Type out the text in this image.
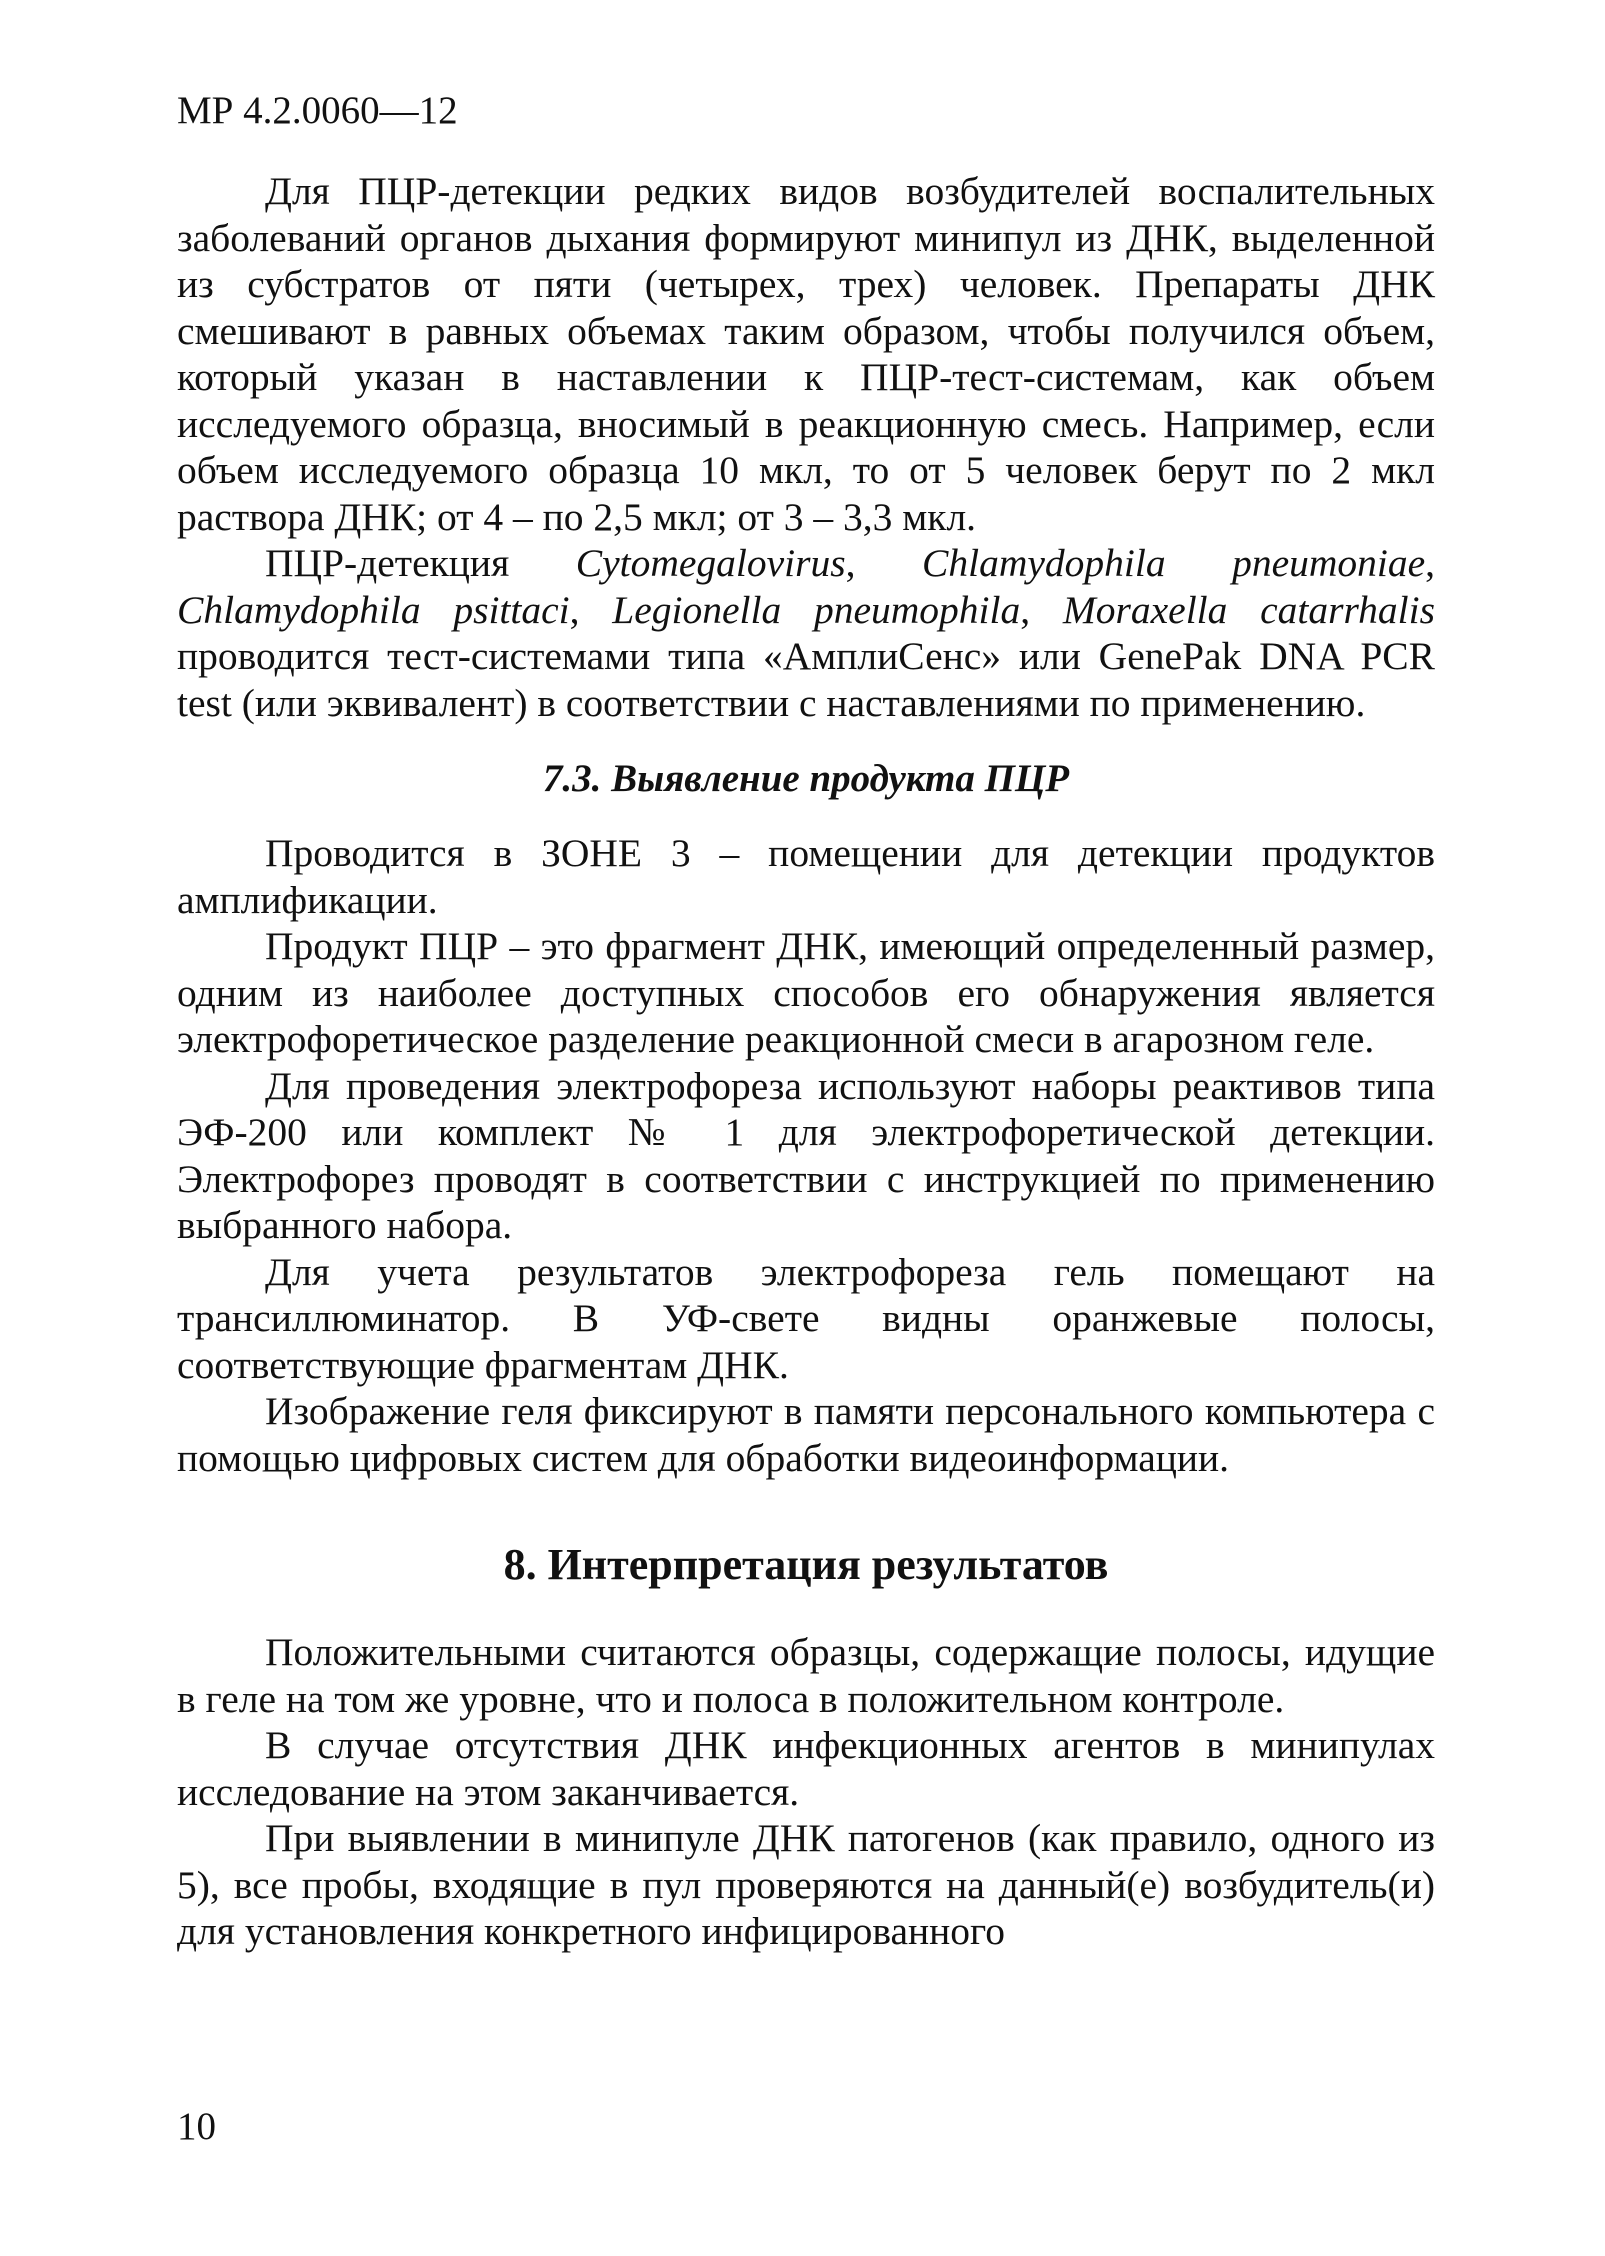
МР 4.2.0060—12

Для ПЦР-детекции редких видов возбудителей воспалительных заболеваний органов дыхания формируют минипул из ДНК, выделенной из субстратов от пяти (четырех, трех) человек. Препараты ДНК смешивают в равных объемах таким образом, чтобы получился объем, который указан в наставлении к ПЦР-тест-системам, как объем исследуемого образца, вносимый в реакционную смесь. Например, если объем исследуемого образца 10 мкл, то от 5 человек берут по 2 мкл раствора ДНК; от 4 – по 2,5 мкл; от 3 – 3,3 мкл.

ПЦР-детекция Cytomegalovirus, Chlamydophila pneumoniae, Chlamydophila psittaci, Legionella pneumophila, Moraxella catarrhalis проводится тест-системами типа «АмплиСенс» или GenePak DNA PCR test (или эквивалент) в соответствии с наставлениями по применению.

7.3. Выявление продукта ПЦР

Проводится в ЗОНЕ 3 – помещении для детекции продуктов амплификации.

Продукт ПЦР – это фрагмент ДНК, имеющий определенный размер, одним из наиболее доступных способов его обнаружения является электрофоретическое разделение реакционной смеси в агарозном геле.

Для проведения электрофореза используют наборы реактивов типа ЭФ-200 или комплект № 1 для электрофоретической детекции. Электрофорез проводят в соответствии с инструкцией по применению выбранного набора.

Для учета результатов электрофореза гель помещают на трансиллюминатор. В УФ-свете видны оранжевые полосы, соответствующие фрагментам ДНК.

Изображение геля фиксируют в памяти персонального компьютера с помощью цифровых систем для обработки видеоинформации.

8. Интерпретация результатов

Положительными считаются образцы, содержащие полосы, идущие в геле на том же уровне, что и полоса в положительном контроле.

В случае отсутствия ДНК инфекционных агентов в минипулах исследование на этом заканчивается.

При выявлении в минипуле ДНК патогенов (как правило, одного из 5), все пробы, входящие в пул проверяются на данный(е) возбудитель(и) для установления конкретного инфицированного

10
